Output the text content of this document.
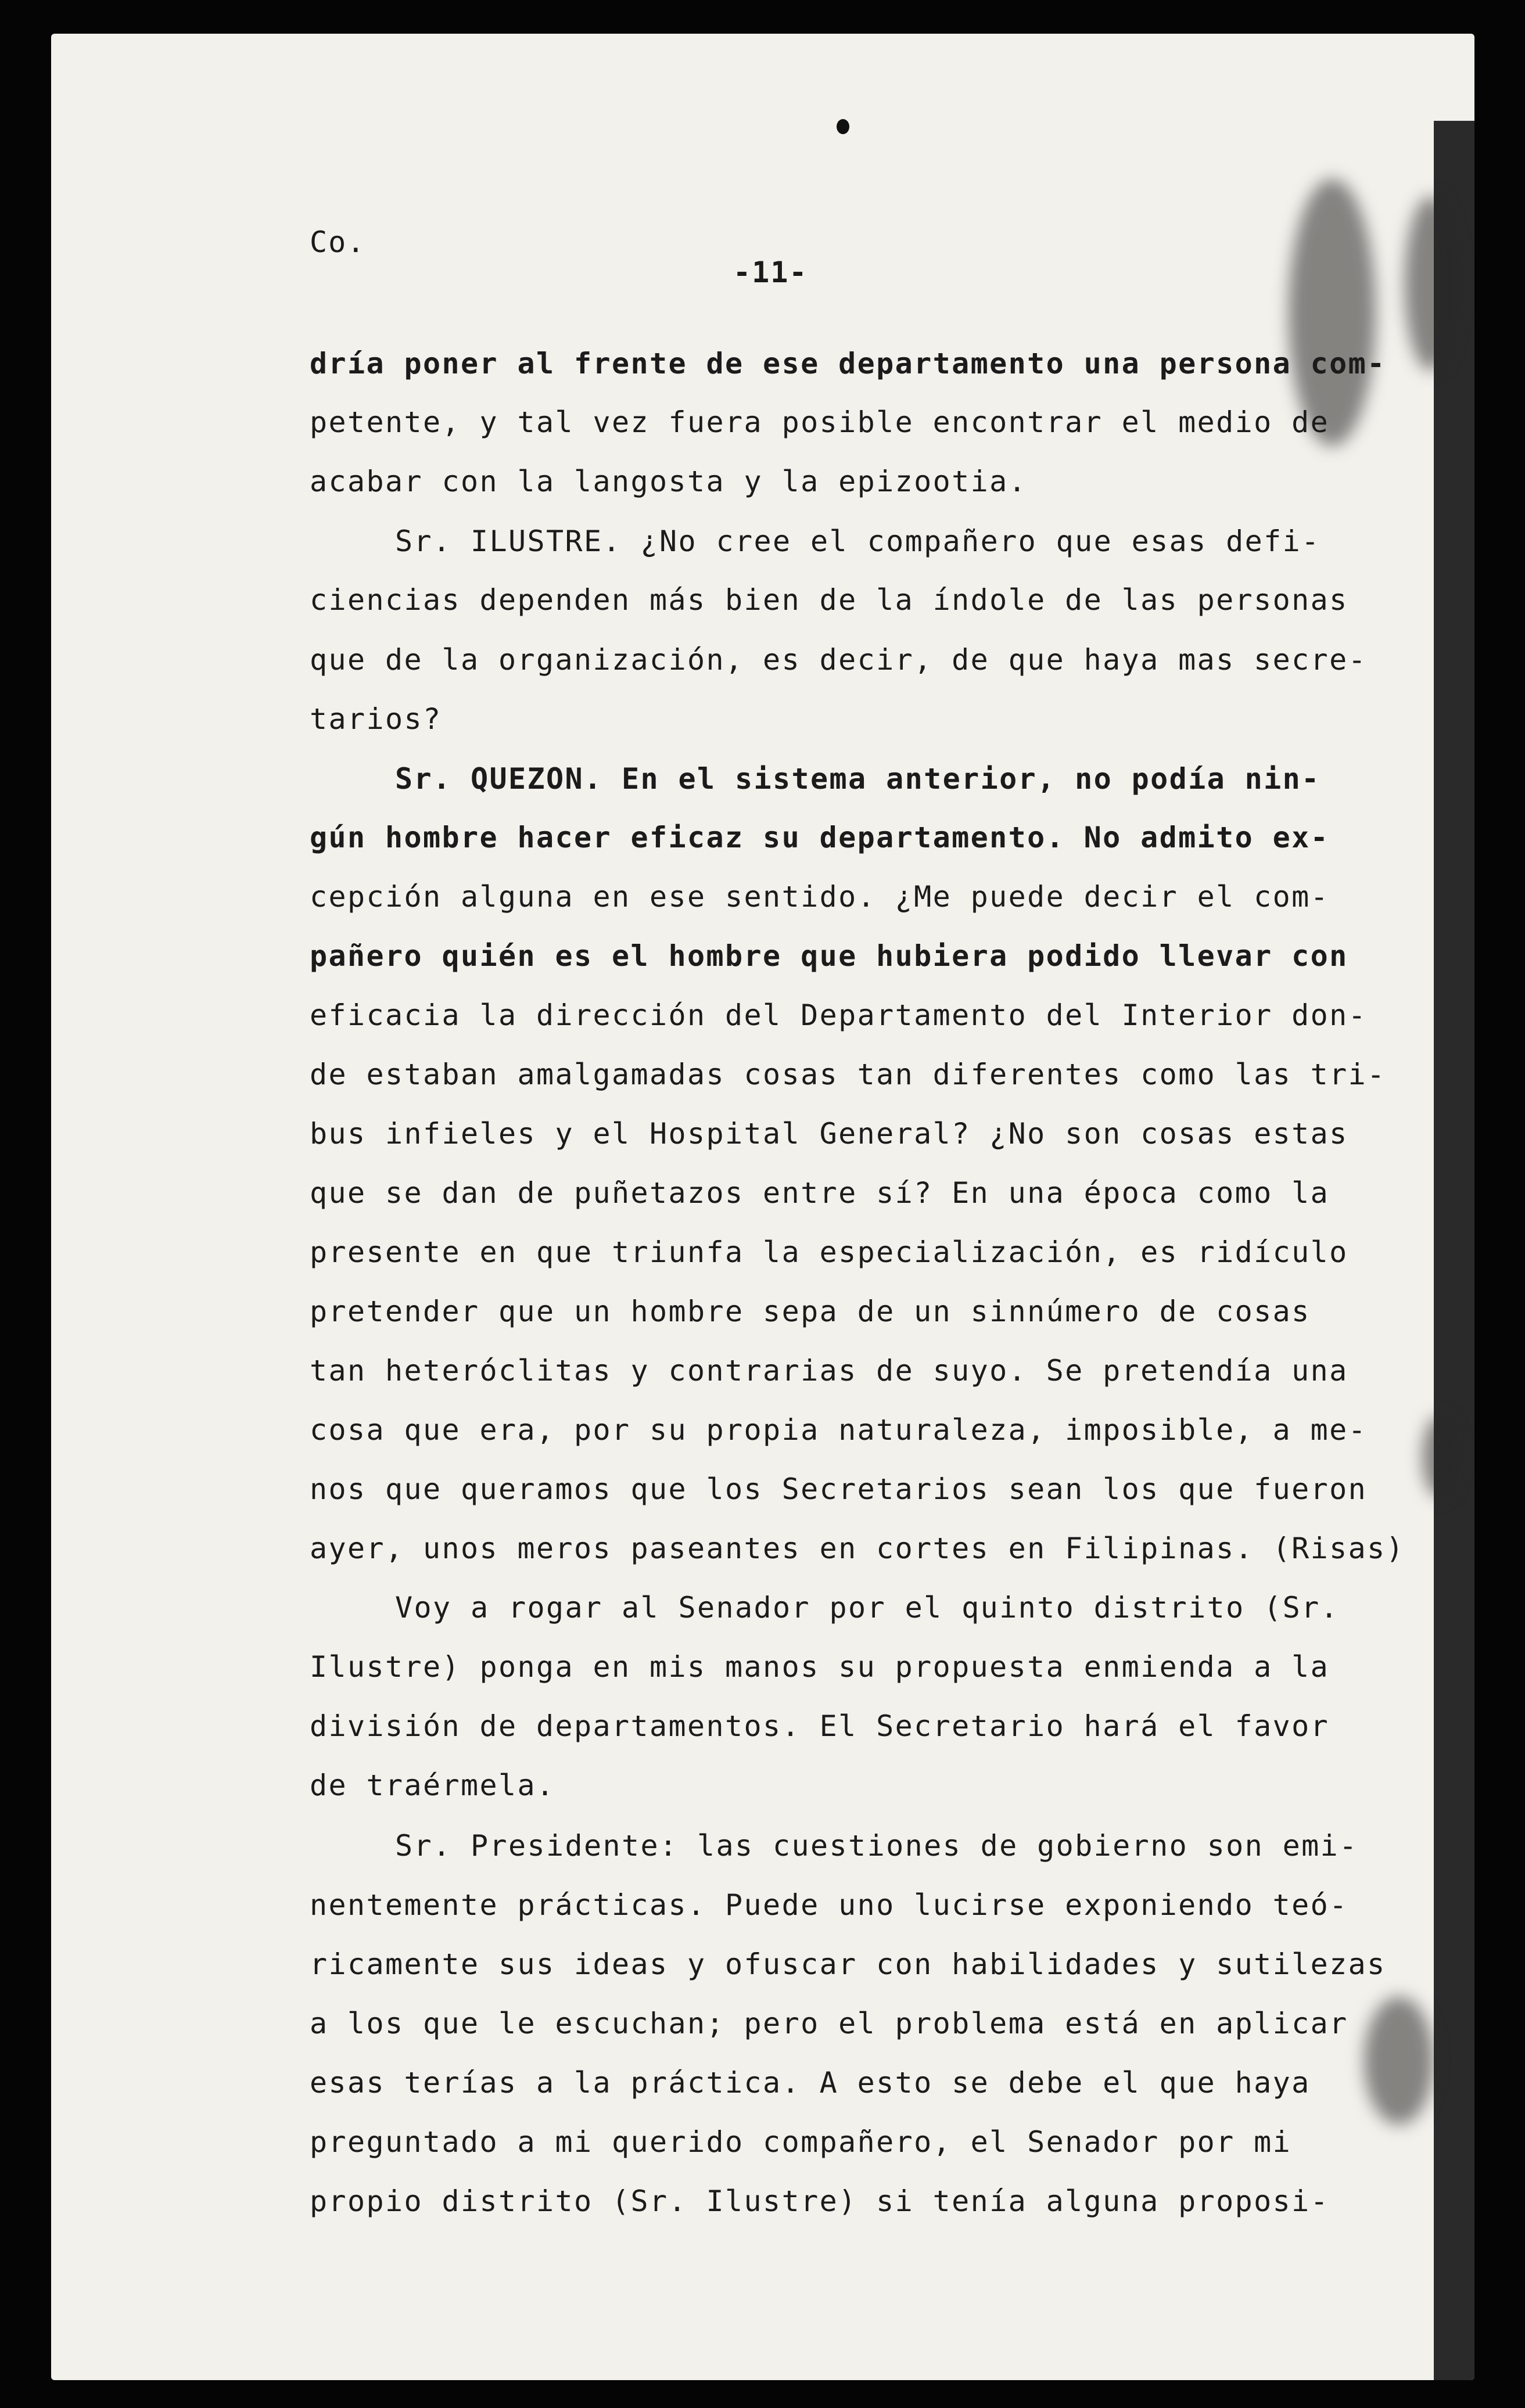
Co.
-11-
dría poner al frente de ese departamento una persona com-
petente, y tal vez fuera posible encontrar el medio de
acabar con la langosta y la epizootia.
Sr. ILUSTRE. ¿No cree el compañero que esas defi-
ciencias dependen más bien de la índole de las personas
que de la organización, es decir, de que haya mas secre-
tarios?
Sr. QUEZON. En el sistema anterior, no podía nin-
gún hombre hacer eficaz su departamento. No admito ex-
cepción alguna en ese sentido. ¿Me puede decir el com-
pañero quién es el hombre que hubiera podido llevar con
eficacia la dirección del Departamento del Interior don-
de estaban amalgamadas cosas tan diferentes como las tri-
bus infieles y el Hospital General? ¿No son cosas estas
que se dan de puñetazos entre sí? En una época como la
presente en que triunfa la especialización, es ridículo
pretender que un hombre sepa de un sinnúmero de cosas
tan heteróclitas y contrarias de suyo. Se pretendía una
cosa que era, por su propia naturaleza, imposible, a me-
nos que queramos que los Secretarios sean los que fueron
ayer, unos meros paseantes en cortes en Filipinas. (Risas)
Voy a rogar al Senador por el quinto distrito (Sr.
Ilustre) ponga en mis manos su propuesta enmienda a la
división de departamentos. El Secretario hará el favor
de traérmela.
Sr. Presidente: las cuestiones de gobierno son emi-
nentemente prácticas. Puede uno lucirse exponiendo teó-
ricamente sus ideas y ofuscar con habilidades y sutilezas
a los que le escuchan; pero el problema está en aplicar
esas terías a la práctica. A esto se debe el que haya
preguntado a mi querido compañero, el Senador por mi
propio distrito (Sr. Ilustre) si tenía alguna proposi-
